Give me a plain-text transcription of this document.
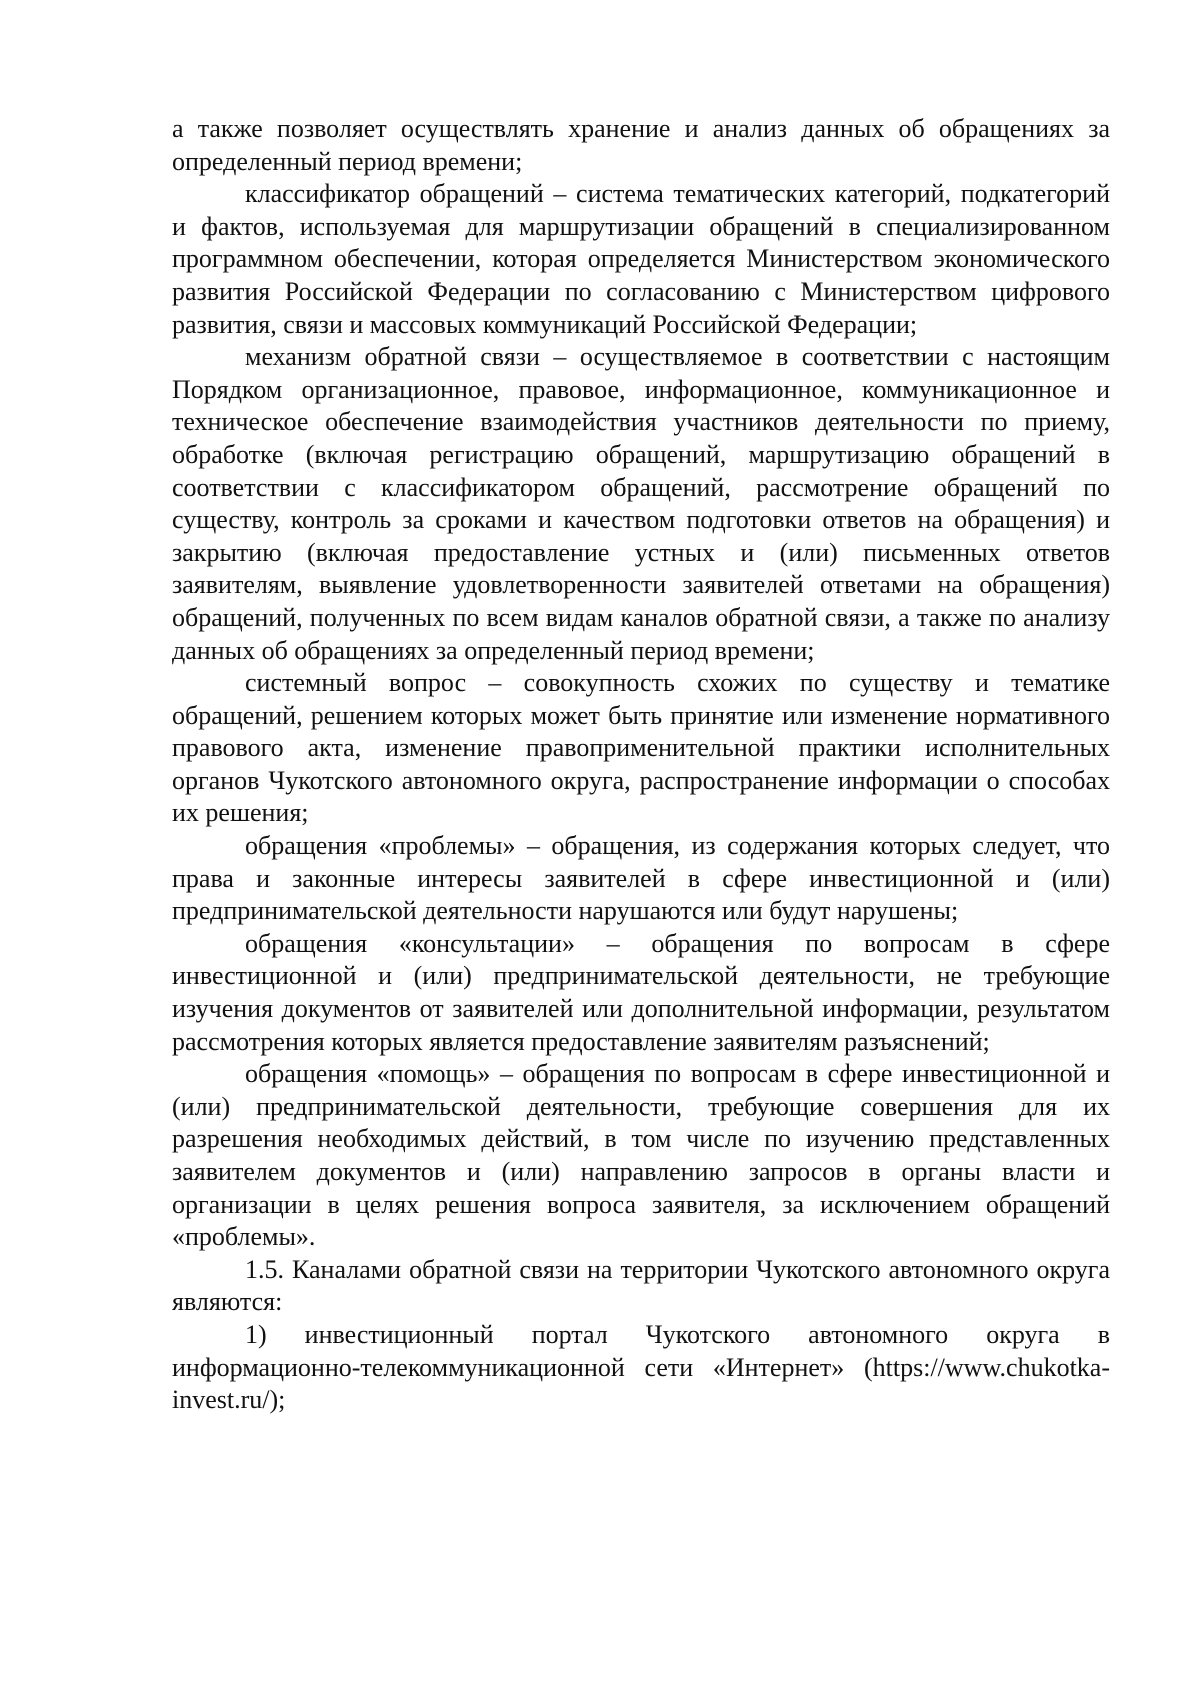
а также позволяет осуществлять хранение и анализ данных об обращениях за определенный период времени;

классификатор обращений – система тематических категорий, подкатегорий и фактов, используемая для маршрутизации обращений в специализированном программном обеспечении, которая определяется Министерством экономического развития Российской Федерации по согласованию с Министерством цифрового развития, связи и массовых коммуникаций Российской Федерации;

механизм обратной связи – осуществляемое в соответствии с настоящим Порядком организационное, правовое, информационное, коммуникационное и техническое обеспечение взаимодействия участников деятельности по приему, обработке (включая регистрацию обращений, маршрутизацию обращений в соответствии с классификатором обращений, рассмотрение обращений по существу, контроль за сроками и качеством подготовки ответов на обращения) и закрытию (включая предоставление устных и (или) письменных ответов заявителям, выявление удовлетворенности заявителей ответами на обращения) обращений, полученных по всем видам каналов обратной связи, а также по анализу данных об обращениях за определенный период времени;

системный вопрос – совокупность схожих по существу и тематике обращений, решением которых может быть принятие или изменение нормативного правового акта, изменение правоприменительной практики исполнительных органов Чукотского автономного округа, распространение информации о способах их решения;

обращения «проблемы» – обращения, из содержания которых следует, что права и законные интересы заявителей в сфере инвестиционной и (или) предпринимательской деятельности нарушаются или будут нарушены;

обращения «консультации» – обращения по вопросам в сфере инвестиционной и (или) предпринимательской деятельности, не требующие изучения документов от заявителей или дополнительной информации, результатом рассмотрения которых является предоставление заявителям разъяснений;

обращения «помощь» – обращения по вопросам в сфере инвестиционной и (или) предпринимательской деятельности, требующие совершения для их разрешения необходимых действий, в том числе по изучению представленных заявителем документов и (или) направлению запросов в органы власти и организации в целях решения вопроса заявителя, за исключением обращений «проблемы».

1.5. Каналами обратной связи на территории Чукотского автономного округа являются:

1) инвестиционный портал Чукотского автономного округа в информационно-телекоммуникационной сети «Интернет» (https://www.chukotka-invest.ru/);
